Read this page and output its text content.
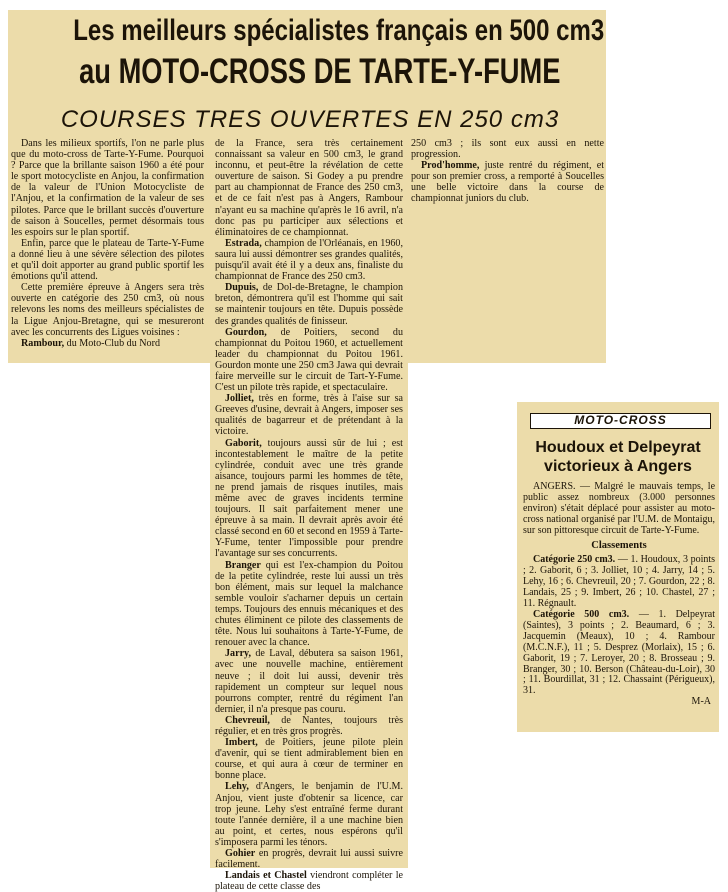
Les meilleurs spécialistes français en 500 cm3
au MOTO-CROSS DE TARTE-Y-FUME
COURSES TRES OUVERTES EN 250 cm3

Dans les milieux sportifs, l'on ne parle plus que du moto-cross de Tarte-Y-Fume. Pourquoi ? Parce que la brillante saison 1960 a été pour le sport motocycliste en Anjou, la confirmation de la valeur de l'Union Motocycliste de l'Anjou, et la confirmation de la valeur de ses pilotes. Parce que le brillant succès d'ouverture de saison à Soucelles, permet désormais tous les espoirs sur le plan sportif.

Enfin, parce que le plateau de Tarte-Y-Fume a donné lieu à une sévère sélection des pilotes et qu'il doit apporter au grand public sportif les émotions qu'il attend.

Cette première épreuve à Angers sera très ouverte en catégorie des 250 cm3, où nous relevons les noms des meilleurs spécialistes de la Ligue Anjou-Bretagne, qui se mesureront avec les concurrents des Ligues voisines :

Rambour, du Moto-Club du Nord

de la France, sera très certainement connaissant sa valeur en 500 cm3, le grand inconnu, et peut-être la révélation de cette ouverture de saison. Si Godey a pu prendre part au championnat de France des 250 cm3, et de ce fait n'est pas à Angers, Rambour n'ayant eu sa machine qu'après le 16 avril, n'a donc pas pu participer aux sélections et éliminatoires de ce championnat.

Estrada, champion de l'Orléanais, en 1960, saura lui aussi démontrer ses grandes qualités, puisqu'il avait été il y a deux ans, finaliste du championnat de France des 250 cm3.

Dupuis, de Dol-de-Bretagne, le champion breton, démontrera qu'il est l'homme qui sait se maintenir toujours en tête. Dupuis possède des grandes qualités de finisseur.

Gourdon, de Poitiers, second du championnat du Poitou 1960, et actuellement leader du championnat du Poitou 1961. Gourdon monte une 250 cm3 Jawa qui devrait faire merveille sur le circuit de Tart-Y-Fume. C'est un pilote très rapide, et spectaculaire.

Jolliet, très en forme, très à l'aise sur sa Greeves d'usine, devrait à Angers, imposer ses qualités de bagarreur et de prétendant à la victoire.

Gaborit, toujours aussi sûr de lui ; est incontestablement le maître de la petite cylindrée, conduit avec une très grande aisance, toujours parmi les hommes de tête, ne prend jamais de risques inutiles, mais même avec de graves incidents termine toujours. Il sait parfaitement mener une épreuve à sa main. Il devrait après avoir été classé second en 60 et second en 1959 à Tarte-Y-Fume, tenter l'impossible pour prendre l'avantage sur ses concurrents.

Branger qui est l'ex-champion du Poitou de la petite cylindrée, reste lui aussi un très bon élément, mais sur lequel la malchance semble vouloir s'acharner depuis un certain temps. Toujours des ennuis mécaniques et des chutes éliminent ce pilote des classements de tête. Nous lui souhaitons à Tarte-Y-Fume, de renouer avec la chance.

Jarry, de Laval, débutera sa saison 1961, avec une nouvelle machine, entièrement neuve ; il doit lui aussi, devenir très rapidement un compteur sur lequel nous pourrons compter, rentré du régiment l'an dernier, il n'a presque pas couru.

Chevreuil, de Nantes, toujours très régulier, et en très gros progrès.

Imbert, de Poitiers, jeune pilote plein d'avenir, qui se tient admirablement bien en course, et qui aura à cœur de terminer en bonne place.

Lehy, d'Angers, le benjamin de l'U.M. Anjou, vient juste d'obtenir sa licence, car trop jeune. Lehy s'est entraîné ferme durant toute l'année dernière, il a une machine bien au point, et certes, nous espérons qu'il s'imposera parmi les ténors.

Gohier en progrès, devrait lui aussi suivre facilement.

Landais et Chastel viendront compléter le plateau de cette classe des

250 cm3 ; ils sont eux aussi en nette progression.

Prod'homme, juste rentré du régiment, et pour son premier cross, a remporté à Soucelles une belle victoire dans la course de championnat juniors du club.

MOTO-CROSS
Houdoux et Delpeyrat victorieux à Angers

ANGERS. — Malgré le mauvais temps, le public assez nombreux (3.000 personnes environ) s'était déplacé pour assister au moto-cross national organisé par l'U.M. de Montaigu, sur son pittoresque circuit de Tarte-Y-Fume.

Classements

Catégorie 250 cm3. — 1. Houdoux, 3 points ; 2. Gaborit, 6 ; 3. Jolliet, 10 ; 4. Jarry, 14 ; 5. Lehy, 16 ; 6. Chevreuil, 20 ; 7. Gourdon, 22 ; 8. Landais, 25 ; 9. Imbert, 26 ; 10. Chastel, 27 ; 11. Régnault.

Catégorie 500 cm3. — 1. Delpeyrat (Saintes), 3 points ; 2. Beaumard, 6 ; 3. Jacquemin (Meaux), 10 ; 4. Rambour (M.C.N.F.), 11 ; 5. Desprez (Morlaix), 15 ; 6. Gaborit, 19 ; 7. Leroyer, 20 ; 8. Brosseau ; 9. Branger, 30 ; 10. Berson (Château-du-Loir), 30 ; 11. Bourdillat, 31 ; 12. Chassaint (Périgueux), 31.

M-A
